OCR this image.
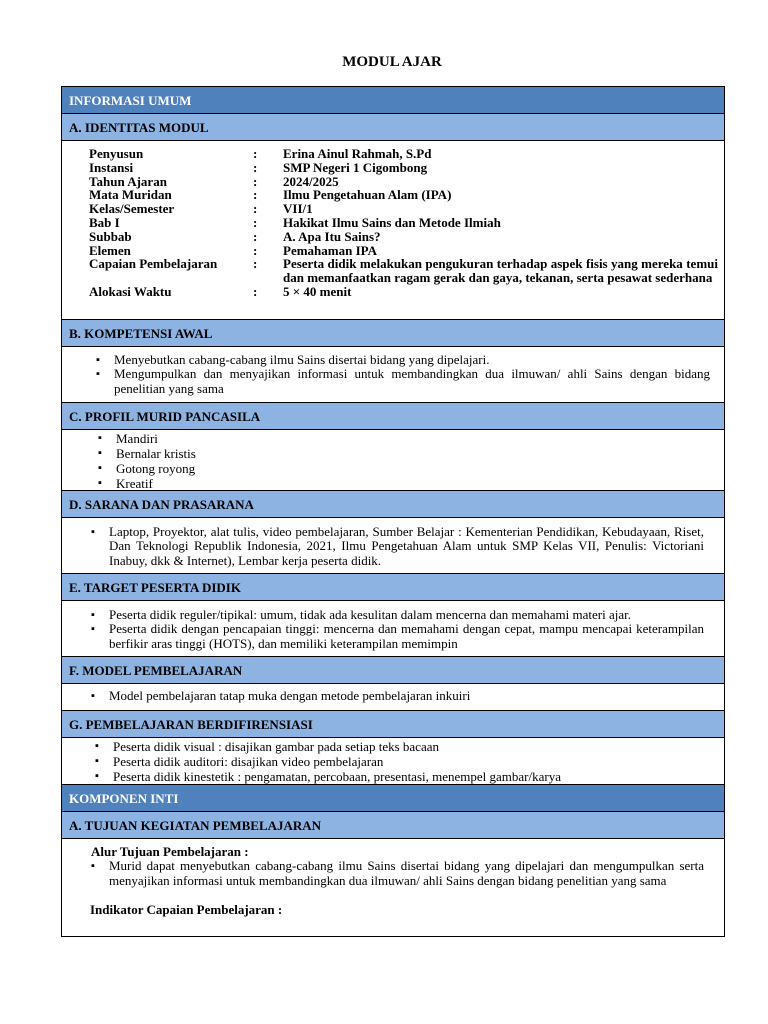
MODUL AJAR
INFORMASI UMUM
A. IDENTITAS MODUL
Penyusun	:	Erina Ainul Rahmah, S.Pd
Instansi	:	SMP Negeri 1 Cigombong
Tahun Ajaran	:	2024/2025
Mata Muridan	:	Ilmu Pengetahuan Alam (IPA)
Kelas/Semester	:	VII/1
Bab I	:	Hakikat Ilmu Sains dan Metode Ilmiah
Subbab	:	A. Apa Itu Sains?
Elemen	:	Pemahaman IPA
Capaian Pembelajaran	:	Peserta didik melakukan pengukuran terhadap aspek fisis yang mereka temui dan memanfaatkan ragam gerak dan gaya, tekanan, serta pesawat sederhana
Alokasi Waktu	:	5 × 40 menit
B. KOMPETENSI AWAL
▪ Menyebutkan cabang-cabang ilmu Sains disertai bidang yang dipelajari.
▪ Mengumpulkan dan menyajikan informasi untuk membandingkan dua ilmuwan/ ahli Sains dengan bidang penelitian yang sama
C. PROFIL MURID PANCASILA
▪ Mandiri
▪ Bernalar kristis
▪ Gotong royong
▪ Kreatif
D. SARANA DAN PRASARANA
▪ Laptop, Proyektor, alat tulis, video pembelajaran, Sumber Belajar : Kementerian Pendidikan, Kebudayaan, Riset, Dan Teknologi Republik Indonesia, 2021, Ilmu Pengetahuan Alam untuk SMP Kelas VII, Penulis: Victoriani Inabuy, dkk & Internet), Lembar kerja peserta didik.
E. TARGET PESERTA DIDIK
▪ Peserta didik reguler/tipikal: umum, tidak ada kesulitan dalam mencerna dan memahami materi ajar.
▪ Peserta didik dengan pencapaian tinggi: mencerna dan memahami dengan cepat, mampu mencapai keterampilan berfikir aras tinggi (HOTS), dan memiliki keterampilan memimpin
F. MODEL PEMBELAJARAN
▪ Model pembelajaran tatap muka dengan metode pembelajaran inkuiri
G. PEMBELAJARAN BERDIFIRENSIASI
▪ Peserta didik visual : disajikan gambar pada setiap teks bacaan
▪ Peserta didik auditori: disajikan video pembelajaran
▪ Peserta didik kinestetik : pengamatan, percobaan, presentasi, menempel gambar/karya
KOMPONEN INTI
A. TUJUAN KEGIATAN PEMBELAJARAN
Alur Tujuan Pembelajaran :
▪ Murid dapat menyebutkan cabang-cabang ilmu Sains disertai bidang yang dipelajari dan mengumpulkan serta menyajikan informasi untuk membandingkan dua ilmuwan/ ahli Sains dengan bidang penelitian yang sama
Indikator Capaian Pembelajaran :
